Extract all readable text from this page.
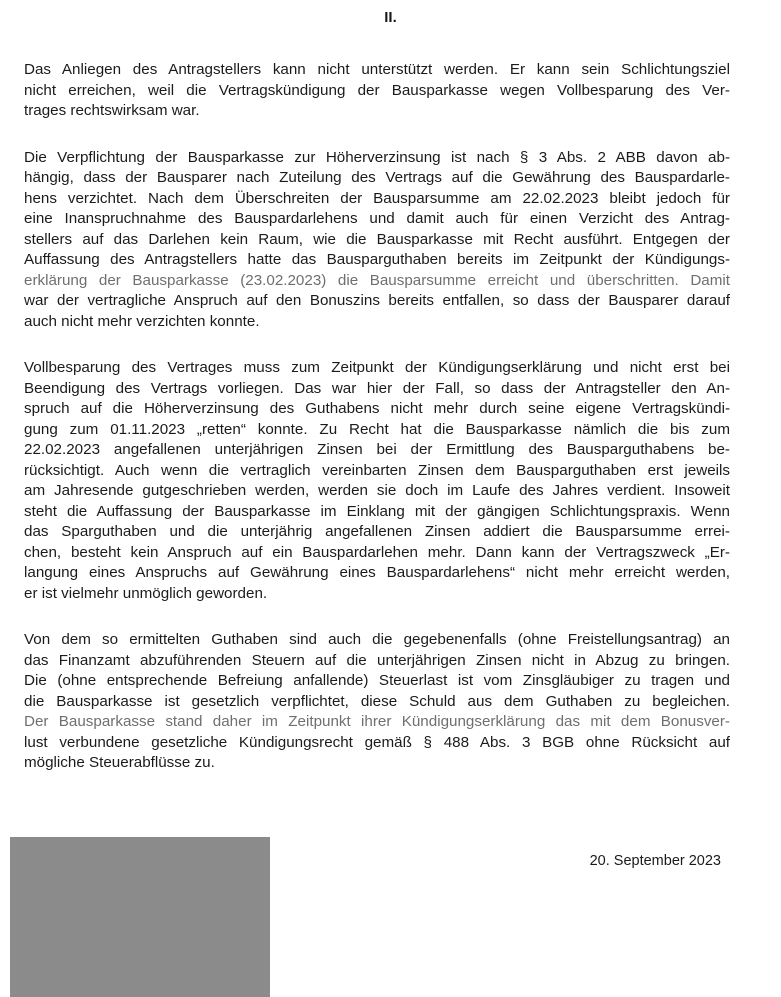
II.
Das Anliegen des Antragstellers kann nicht unterstützt werden. Er kann sein Schlichtungsziel
nicht erreichen, weil die Vertragskündigung der Bausparkasse wegen Vollbesparung des Ver-
trages rechtswirksam war.
Die Verpflichtung der Bausparkasse zur Höherverzinsung ist nach § 3 Abs. 2 ABB davon ab-
hängig, dass der Bausparer nach Zuteilung des Vertrags auf die Gewährung des Bauspardarle-
hens verzichtet. Nach dem Überschreiten der Bausparsumme am 22.02.2023 bleibt jedoch für
eine Inanspruchnahme des Bauspardarlehens und damit auch für einen Verzicht des Antrag-
stellers auf das Darlehen kein Raum, wie die Bausparkasse mit Recht ausführt. Entgegen der
Auffassung des Antragstellers hatte das Bausparguthaben bereits im Zeitpunkt der Kündigungs-
erklärung der Bausparkasse (23.02.2023) die Bausparsumme erreicht und überschritten. Damit
war der vertragliche Anspruch auf den Bonuszins bereits entfallen, so dass der Bausparer darauf
auch nicht mehr verzichten konnte.
Vollbesparung des Vertrages muss zum Zeitpunkt der Kündigungserklärung und nicht erst bei
Beendigung des Vertrags vorliegen. Das war hier der Fall, so dass der Antragsteller den An-
spruch auf die Höherverzinsung des Guthabens nicht mehr durch seine eigene Vertragskündi-
gung zum 01.11.2023 „retten“ konnte. Zu Recht hat die Bausparkasse nämlich die bis zum
22.02.2023 angefallenen unterjährigen Zinsen bei der Ermittlung des Bausparguthabens be-
rücksichtigt. Auch wenn die vertraglich vereinbarten Zinsen dem Bausparguthaben erst jeweils
am Jahresende gutgeschrieben werden, werden sie doch im Laufe des Jahres verdient. Insoweit
steht die Auffassung der Bausparkasse im Einklang mit der gängigen Schlichtungspraxis. Wenn
das Sparguthaben und die unterjährig angefallenen Zinsen addiert die Bausparsumme errei-
chen, besteht kein Anspruch auf ein Bauspardarlehen mehr. Dann kann der Vertragszweck „Er-
langung eines Anspruchs auf Gewährung eines Bauspardarlehens“ nicht mehr erreicht werden,
er ist vielmehr unmöglich geworden.
Von dem so ermittelten Guthaben sind auch die gegebenenfalls (ohne Freistellungsantrag) an
das Finanzamt abzuführenden Steuern auf die unterjährigen Zinsen nicht in Abzug zu bringen.
Die (ohne entsprechende Befreiung anfallende) Steuerlast ist vom Zinsgläubiger zu tragen und
die Bausparkasse ist gesetzlich verpflichtet, diese Schuld aus dem Guthaben zu begleichen.
Der Bausparkasse stand daher im Zeitpunkt ihrer Kündigungserklärung das mit dem Bonusver-
lust verbundene gesetzliche Kündigungsrecht gemäß § 488 Abs. 3 BGB ohne Rücksicht auf
mögliche Steuerabflüsse zu.
20. September 2023
